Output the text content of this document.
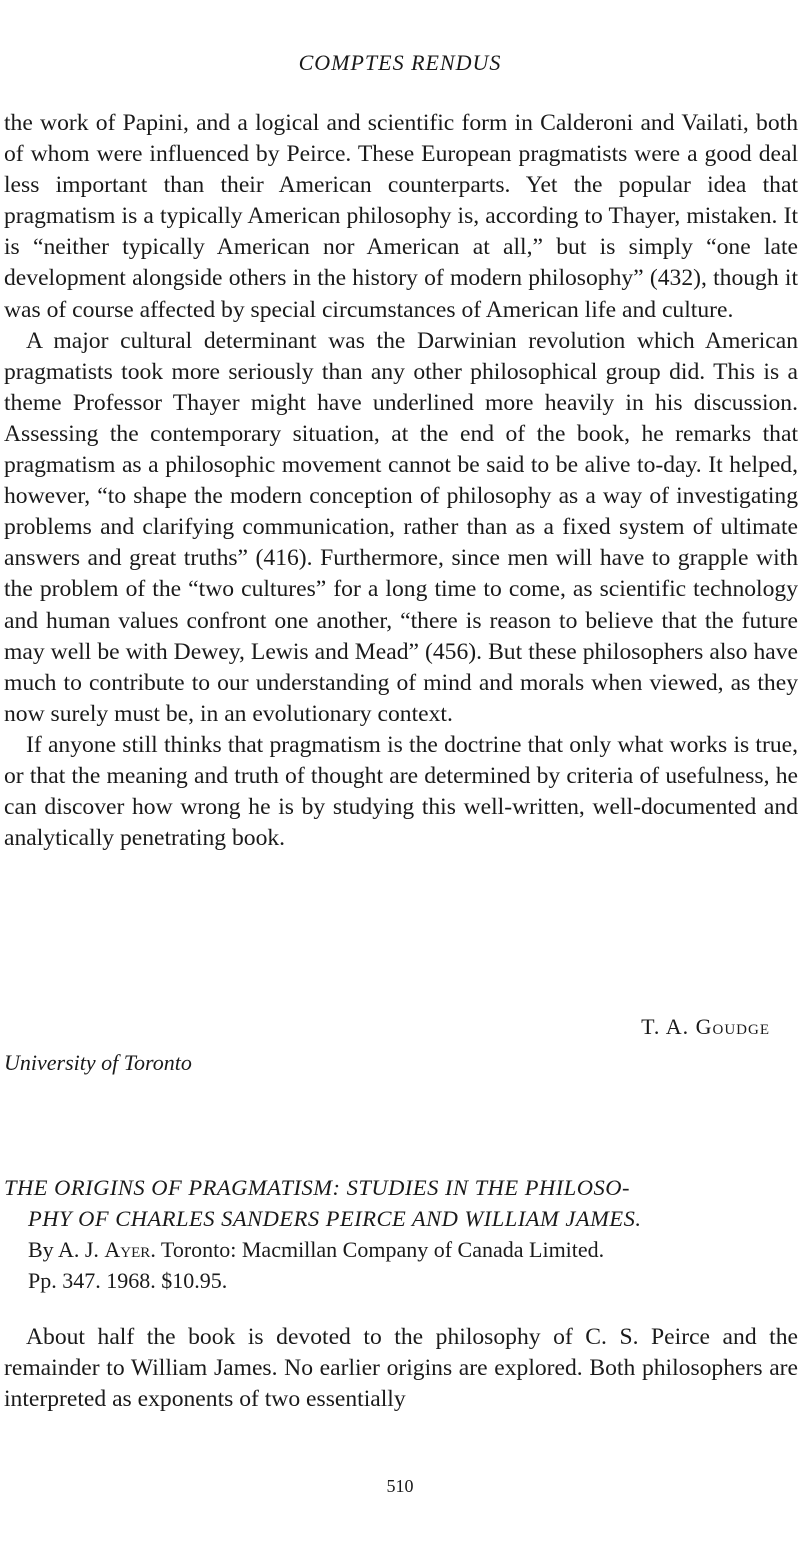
COMPTES RENDUS

the work of Papini, and a logical and scientific form in Calderoni and Vailati, both of whom were influenced by Peirce. These European pragmatists were a good deal less important than their American counterparts. Yet the popular idea that pragmatism is a typically American philosophy is, according to Thayer, mistaken. It is “neither typically American nor American at all,” but is simply “one late development alongside others in the history of modern philosophy” (432), though it was of course affected by special circumstances of American life and culture.

A major cultural determinant was the Darwinian revolution which American pragmatists took more seriously than any other philosophical group did. This is a theme Professor Thayer might have underlined more heavily in his discussion. Assessing the contemporary situation, at the end of the book, he remarks that pragmatism as a philosophic movement cannot be said to be alive to-day. It helped, however, “to shape the modern conception of philosophy as a way of investigating problems and clarifying communication, rather than as a fixed system of ultimate answers and great truths” (416). Furthermore, since men will have to grapple with the problem of the “two cultures” for a long time to come, as scientific technology and human values confront one another, “there is reason to believe that the future may well be with Dewey, Lewis and Mead” (456). But these philosophers also have much to contribute to our understanding of mind and morals when viewed, as they now surely must be, in an evolutionary context.

If anyone still thinks that pragmatism is the doctrine that only what works is true, or that the meaning and truth of thought are determined by criteria of usefulness, he can discover how wrong he is by studying this well-written, well-documented and analytically penetrating book.

T. A. Goudge
University of Toronto
THE ORIGINS OF PRAGMATISM: STUDIES IN THE PHILOSO-
PHY OF CHARLES SANDERS PEIRCE AND WILLIAM JAMES.
By A. J. Ayer. Toronto: Macmillan Company of Canada Limited.
Pp. 347. 1968. $10.95.

About half the book is devoted to the philosophy of C. S. Peirce and the remainder to William James. No earlier origins are explored. Both philosophers are interpreted as exponents of two essentially

510
